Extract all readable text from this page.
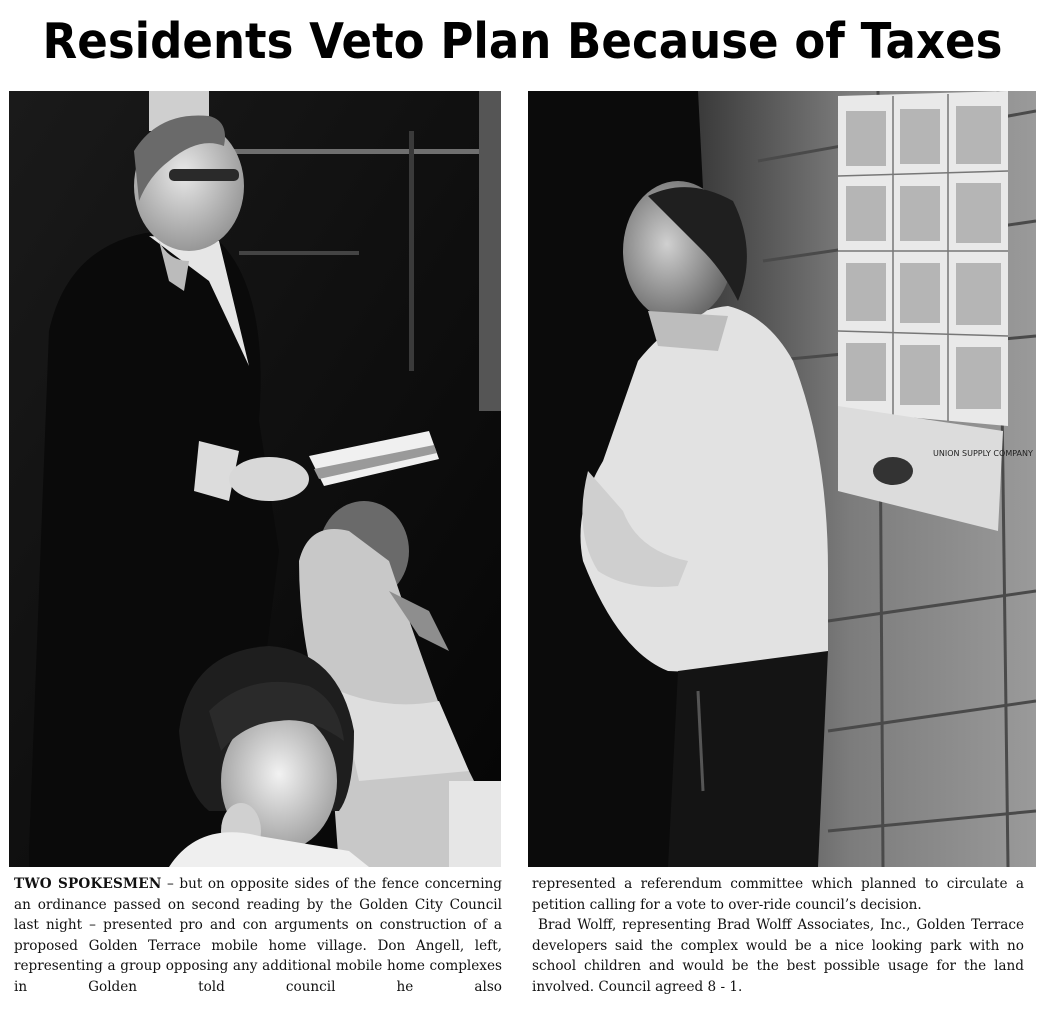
Residents Veto Plan Because of Taxes
UNION SUPPLY COMPANY

TWO SPOKESMEN – but on opposite sides of the fence concerning an ordinance passed on second reading by the Golden City Council last night – presented pro and con arguments on construction of a proposed Golden Terrace mobile home village. Don Angell, left, representing a group opposing any additional mobile home complexes in Golden told council he also

represented a referendum committee which planned to circulate a petition calling for a vote to over-ride council’s decision.

Brad Wolff, representing Brad Wolff Associates, Inc., Golden Terrace developers said the complex would be a nice looking park with no school children and would be the best possible usage for the land involved. Council agreed 8 - 1.
